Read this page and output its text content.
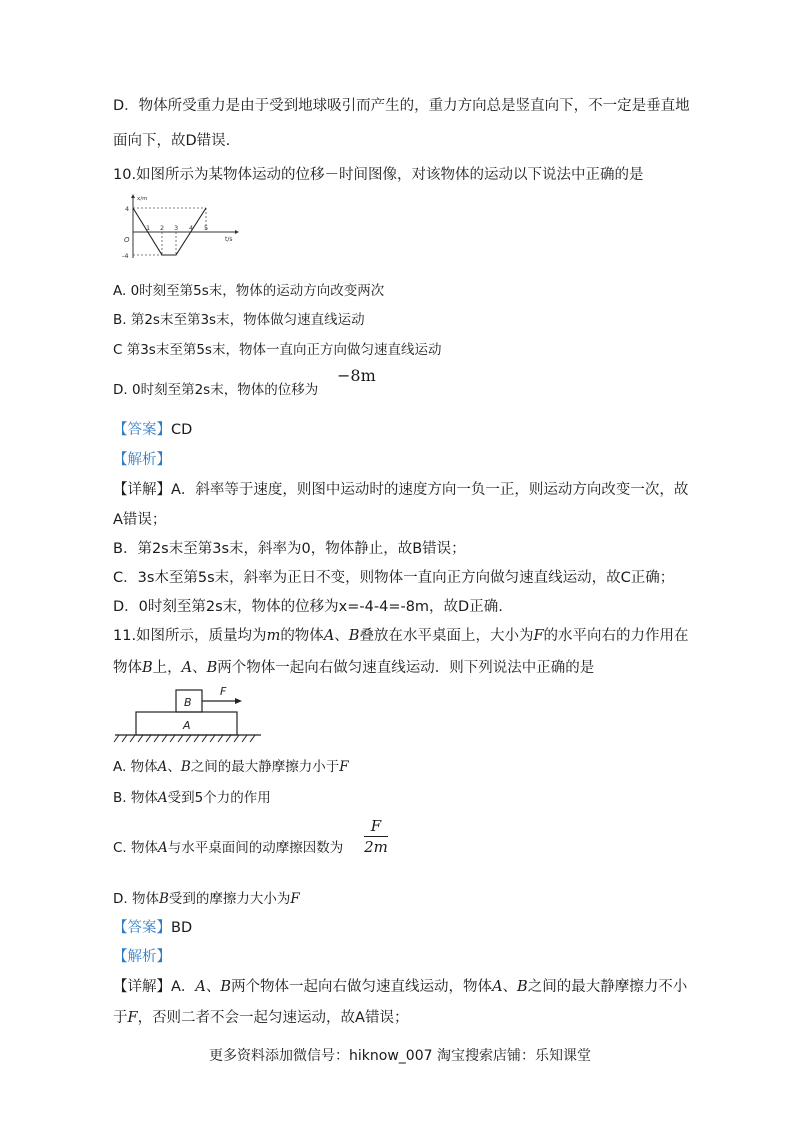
D．物体所受重力是由于受到地球吸引而产生的，重力方向总是竖直向下，不一定是垂直地
面向下，故D错误.
10.如图所示为某物体运动的位移－时间图像，对该物体的运动以下说法中正确的是
x/m
t/s
O
4
-4
1 2 3 4 5
A. 0时刻至第5s末，物体的运动方向改变两次
B. 第2s末至第3s末，物体做匀速直线运动
C 第3s末至第5s末，物体一直向正方向做匀速直线运动
D. 0时刻至第2s末，物体的位移为
−8m
【答案】CD
【解析】
【详解】A．斜率等于速度，则图中运动时的速度方向一负一正，则运动方向改变一次，故
A错误；
B．第2s末至第3s末，斜率为0，物体静止，故B错误；
C．3s木至第5s末，斜率为正日不变，则物体一直向正方向做匀速直线运动，故C正确；
D．0时刻至第2s末，物体的位移为x=-4-4=-8m，故D正确.
11.如图所示，质量均为m的物体A、B叠放在水平桌面上，大小为F的水平向右的力作用在
物体B上，A、B两个物体一起向右做匀速直线运动．则下列说法中正确的是
B
A
F
A. 物体A、B之间的最大静摩擦力小于F
B. 物体A受到5个力的作用
C. 物体A与水平桌面间的动摩擦因数为
F
2m
D. 物体B受到的摩擦力大小为F
【答案】BD
【解析】
【详解】A．A、B两个物体一起向右做匀速直线运动，物体A、B之间的最大静摩擦力不小
于F，否则二者不会一起匀速运动，故A错误；
更多资料添加微信号：hiknow_007 淘宝搜索店铺：乐知课堂
